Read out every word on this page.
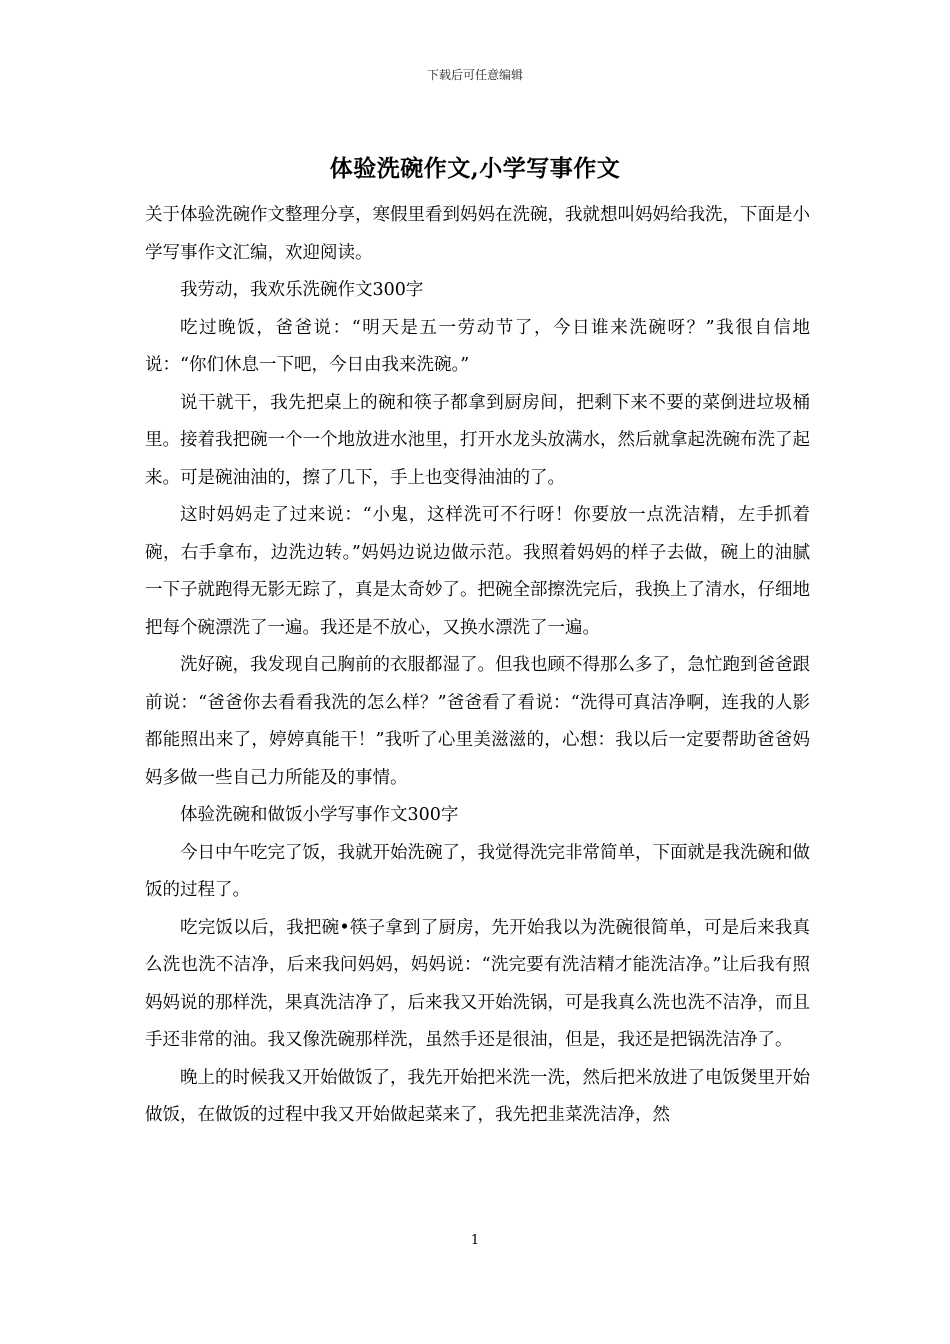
下载后可任意编辑
体验洗碗作文,小学写事作文

关于体验洗碗作文整理分享，寒假里看到妈妈在洗碗，我就想叫妈妈给我洗，下面是小学写事作文汇编，欢迎阅读。

我劳动，我欢乐洗碗作文300字

吃过晚饭，爸爸说：“明天是五一劳动节了，今日谁来洗碗呀？”我很自信地说：“你们休息一下吧，今日由我来洗碗。”

说干就干，我先把桌上的碗和筷子都拿到厨房间，把剩下来不要的菜倒进垃圾桶里。接着我把碗一个一个地放进水池里，打开水龙头放满水，然后就拿起洗碗布洗了起来。可是碗油油的，擦了几下，手上也变得油油的了。

这时妈妈走了过来说：“小鬼，这样洗可不行呀！你要放一点洗洁精，左手抓着碗，右手拿布，边洗边转。”妈妈边说边做示范。我照着妈妈的样子去做，碗上的油腻一下子就跑得无影无踪了，真是太奇妙了。把碗全部擦洗完后，我换上了清水，仔细地把每个碗漂洗了一遍。我还是不放心，又换水漂洗了一遍。

洗好碗，我发现自己胸前的衣服都湿了。但我也顾不得那么多了，急忙跑到爸爸跟前说：“爸爸你去看看我洗的怎么样？”爸爸看了看说：“洗得可真洁净啊，连我的人影都能照出来了，婷婷真能干！”我听了心里美滋滋的，心想：我以后一定要帮助爸爸妈妈多做一些自己力所能及的事情。

体验洗碗和做饭小学写事作文300字

今日中午吃完了饭，我就开始洗碗了，我觉得洗完非常简单，下面就是我洗碗和做饭的过程了。

吃完饭以后，我把碗•筷子拿到了厨房，先开始我以为洗碗很简单，可是后来我真么洗也洗不洁净，后来我问妈妈，妈妈说：“洗完要有洗洁精才能洗洁净。”让后我有照妈妈说的那样洗，果真洗洁净了，后来我又开始洗锅，可是我真么洗也洗不洁净，而且手还非常的油。我又像洗碗那样洗，虽然手还是很油，但是，我还是把锅洗洁净了。

晚上的时候我又开始做饭了，我先开始把米洗一洗，然后把米放进了电饭煲里开始做饭，在做饭的过程中我又开始做起菜来了，我先把韭菜洗洁净，然

1
